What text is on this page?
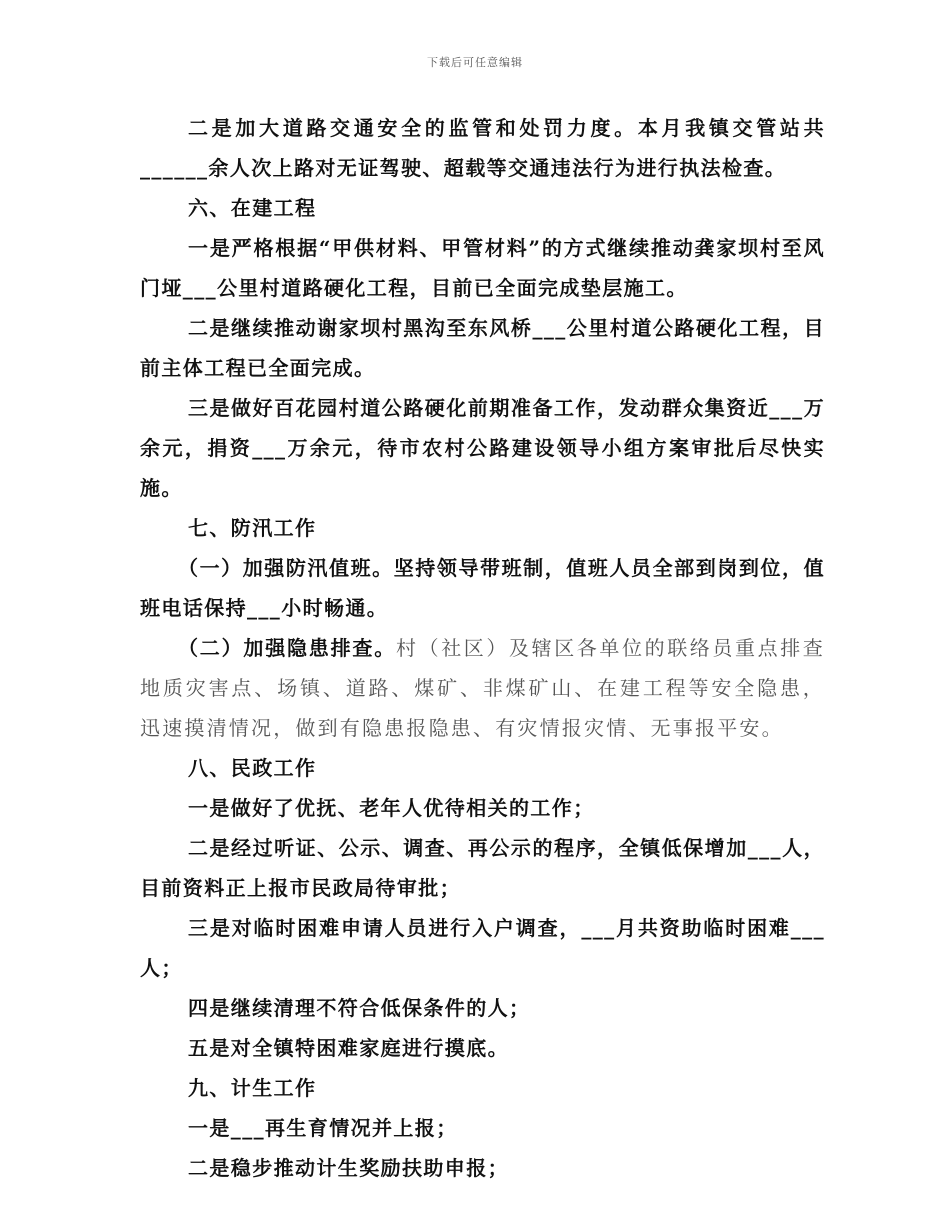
下载后可任意编辑

二是加大道路交通安全的监管和处罚力度。本月我镇交管站共______余人次上路对无证驾驶、超载等交通违法行为进行执法检查。

六、在建工程

一是严格根据“甲供材料、甲管材料”的方式继续推动龚家坝村至风门垭___公里村道路硬化工程，目前已全面完成垫层施工。

二是继续推动谢家坝村黑沟至东风桥___公里村道公路硬化工程，目前主体工程已全面完成。

三是做好百花园村道公路硬化前期准备工作，发动群众集资近___万余元，捐资___万余元，待市农村公路建设领导小组方案审批后尽快实施。

七、防汛工作

（一）加强防汛值班。坚持领导带班制，值班人员全部到岗到位，值班电话保持___小时畅通。

（二）加强隐患排查。村（社区）及辖区各单位的联络员重点排查地质灾害点、场镇、道路、煤矿、非煤矿山、在建工程等安全隐患，迅速摸清情况，做到有隐患报隐患、有灾情报灾情、无事报平安。

八、民政工作

一是做好了优抚、老年人优待相关的工作；

二是经过听证、公示、调查、再公示的程序，全镇低保增加___人，目前资料正上报市民政局待审批；

三是对临时困难申请人员进行入户调查，___月共资助临时困难___人；

四是继续清理不符合低保条件的人；

五是对全镇特困难家庭进行摸底。

九、计生工作

一是___再生育情况并上报；

二是稳步推动计生奖励扶助申报；
